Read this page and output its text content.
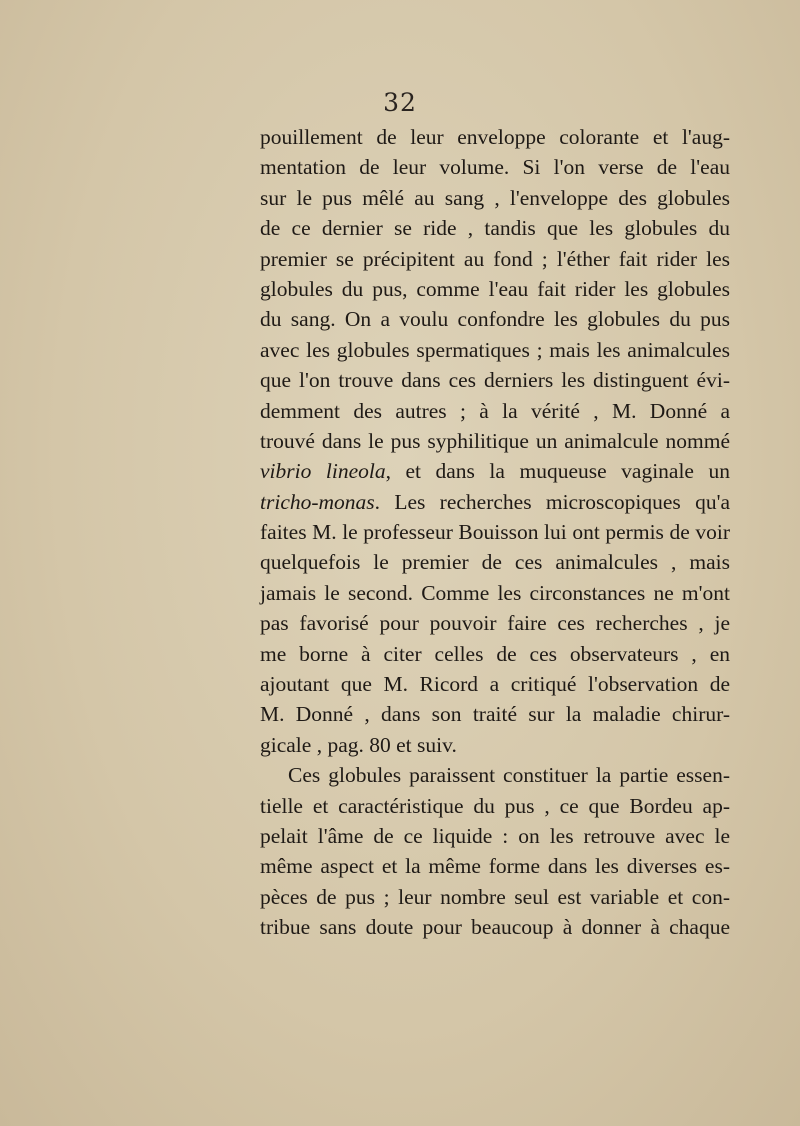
32
pouillement de leur enveloppe colorante et l'aug-
mentation de leur volume. Si l'on verse de l'eau
sur le pus mêlé au sang , l'enveloppe des globules
de ce dernier se ride , tandis que les globules du
premier se précipitent au fond ; l'éther fait rider les
globules du pus, comme l'eau fait rider les globules
du sang. On a voulu confondre les globules du pus
avec les globules spermatiques ; mais les animalcules
que l'on trouve dans ces derniers les distinguent évi-
demment des autres ; à la vérité , M. Donné a
trouvé dans le pus syphilitique un animalcule nommé
vibrio lineola, et dans la muqueuse vaginale un
tricho-monas. Les recherches microscopiques qu'a
faites M. le professeur Bouisson lui ont permis de voir
quelquefois le premier de ces animalcules , mais
jamais le second. Comme les circonstances ne m'ont
pas favorisé pour pouvoir faire ces recherches , je
me borne à citer celles de ces observateurs , en
ajoutant que M. Ricord a critiqué l'observation de
M. Donné , dans son traité sur la maladie chirur-
gicale , pag. 80 et suiv.
Ces globules paraissent constituer la partie essen-
tielle et caractéristique du pus , ce que Bordeu ap-
pelait l'âme de ce liquide : on les retrouve avec le
même aspect et la même forme dans les diverses es-
pèces de pus ; leur nombre seul est variable et con-
tribue sans doute pour beaucoup à donner à chaque
